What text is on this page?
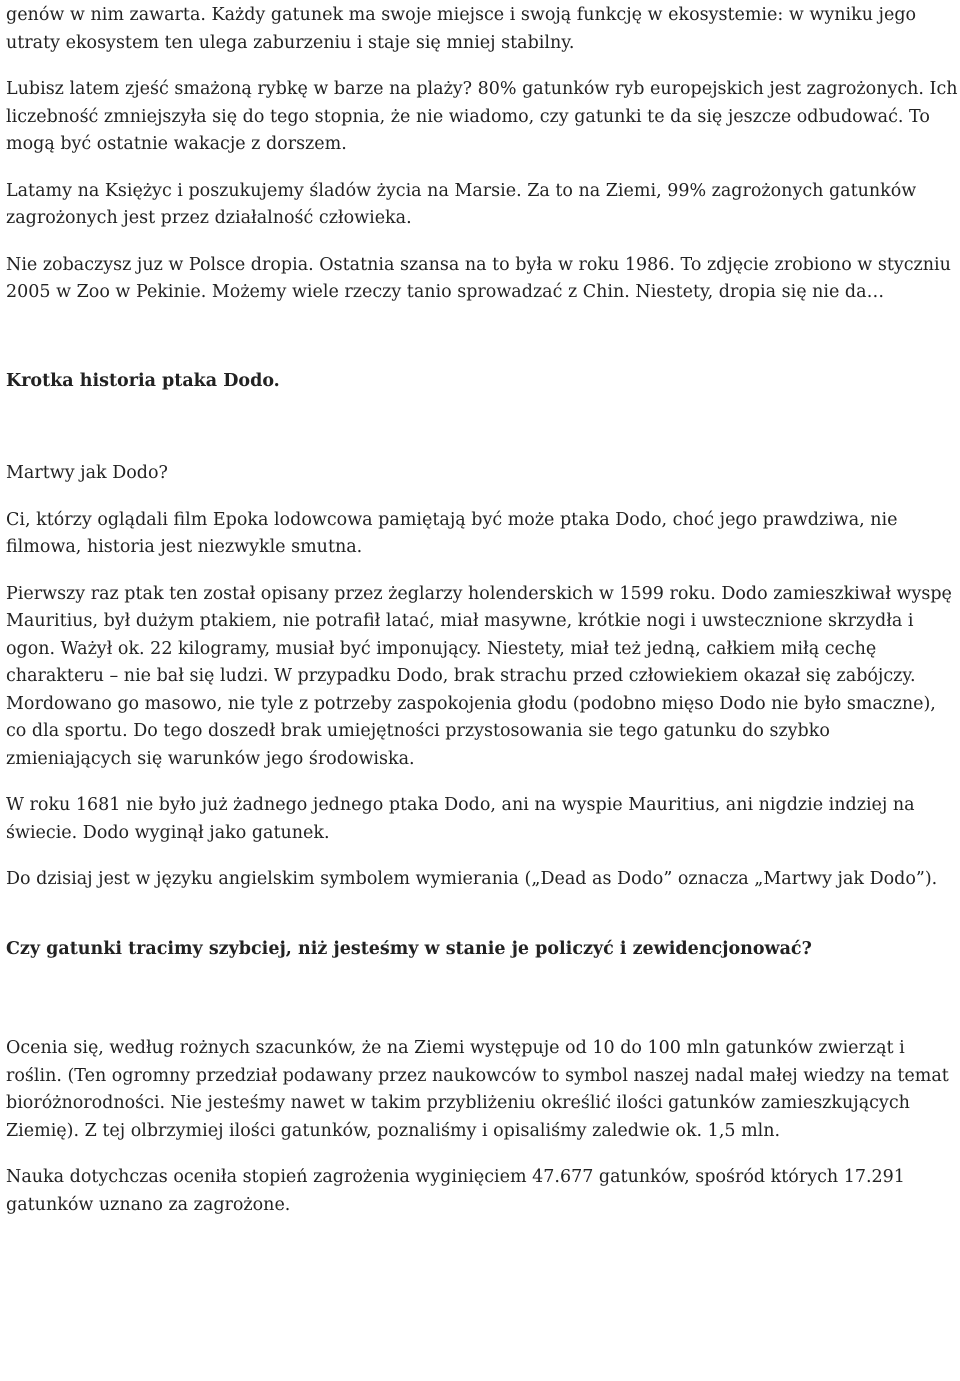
genów w nim zawarta. Każdy gatunek ma swoje miejsce i swoją funkcję w ekosystemie: w wyniku jego utraty ekosystem ten ulega zaburzeniu i staje się mniej stabilny.

Lubisz latem zjeść smażoną rybkę w barze na plaży? 80% gatunków ryb europejskich jest zagrożonych. Ich liczebność zmniejszyła się do tego stopnia, że nie wiadomo, czy gatunki te da się jeszcze odbudować. To mogą być ostatnie wakacje z dorszem.

Latamy na Księżyc i poszukujemy śladów życia na Marsie. Za to na Ziemi, 99% zagrożonych gatunków zagrożonych jest przez działalność człowieka.

Nie zobaczysz juz w Polsce dropia. Ostatnia szansa na to była w roku 1986. To zdjęcie zrobiono w styczniu 2005 w Zoo w Pekinie. Możemy wiele rzeczy tanio sprowadzać z Chin. Niestety, dropia się nie da…

Krotka historia ptaka Dodo.

Martwy jak Dodo?

Ci, którzy oglądali film Epoka lodowcowa pamiętają być może ptaka Dodo, choć jego prawdziwa, nie filmowa, historia jest niezwykle smutna.

Pierwszy raz ptak ten został opisany przez żeglarzy holenderskich w 1599 roku. Dodo zamieszkiwał wyspę Mauritius, był dużym ptakiem, nie potrafił latać, miał masywne, krótkie nogi i uwstecznione skrzydła i ogon. Ważył ok. 22 kilogramy, musiał być imponujący. Niestety, miał też jedną, całkiem miłą cechę charakteru – nie bał się ludzi. W przypadku Dodo, brak strachu przed człowiekiem okazał się zabójczy. Mordowano go masowo, nie tyle z potrzeby zaspokojenia głodu (podobno mięso Dodo nie było smaczne), co dla sportu. Do tego doszedł brak umiejętności przystosowania sie tego gatunku do szybko zmieniających się warunków jego środowiska.

W roku 1681 nie było już żadnego jednego ptaka Dodo, ani na wyspie Mauritius, ani nigdzie indziej na świecie. Dodo wyginął jako gatunek.

Do dzisiaj jest w języku angielskim symbolem wymierania („Dead as Dodo” oznacza „Martwy jak Dodo”).

Czy gatunki tracimy szybciej, niż jesteśmy w stanie je policzyć i zewidencjonować?

Ocenia się, według rożnych szacunków, że na Ziemi występuje od 10 do 100 mln gatunków zwierząt i roślin. (Ten ogromny przedział podawany przez naukowców to symbol naszej nadal małej wiedzy na temat bioróżnorodności. Nie jesteśmy nawet w takim przybliżeniu określić ilości gatunków zamieszkujących Ziemię). Z tej olbrzymiej ilości gatunków, poznaliśmy i opisaliśmy zaledwie ok. 1,5 mln.

Nauka dotychczas oceniła stopień zagrożenia wyginięciem 47.677 gatunków, spośród których 17.291 gatunków uznano za zagrożone.
